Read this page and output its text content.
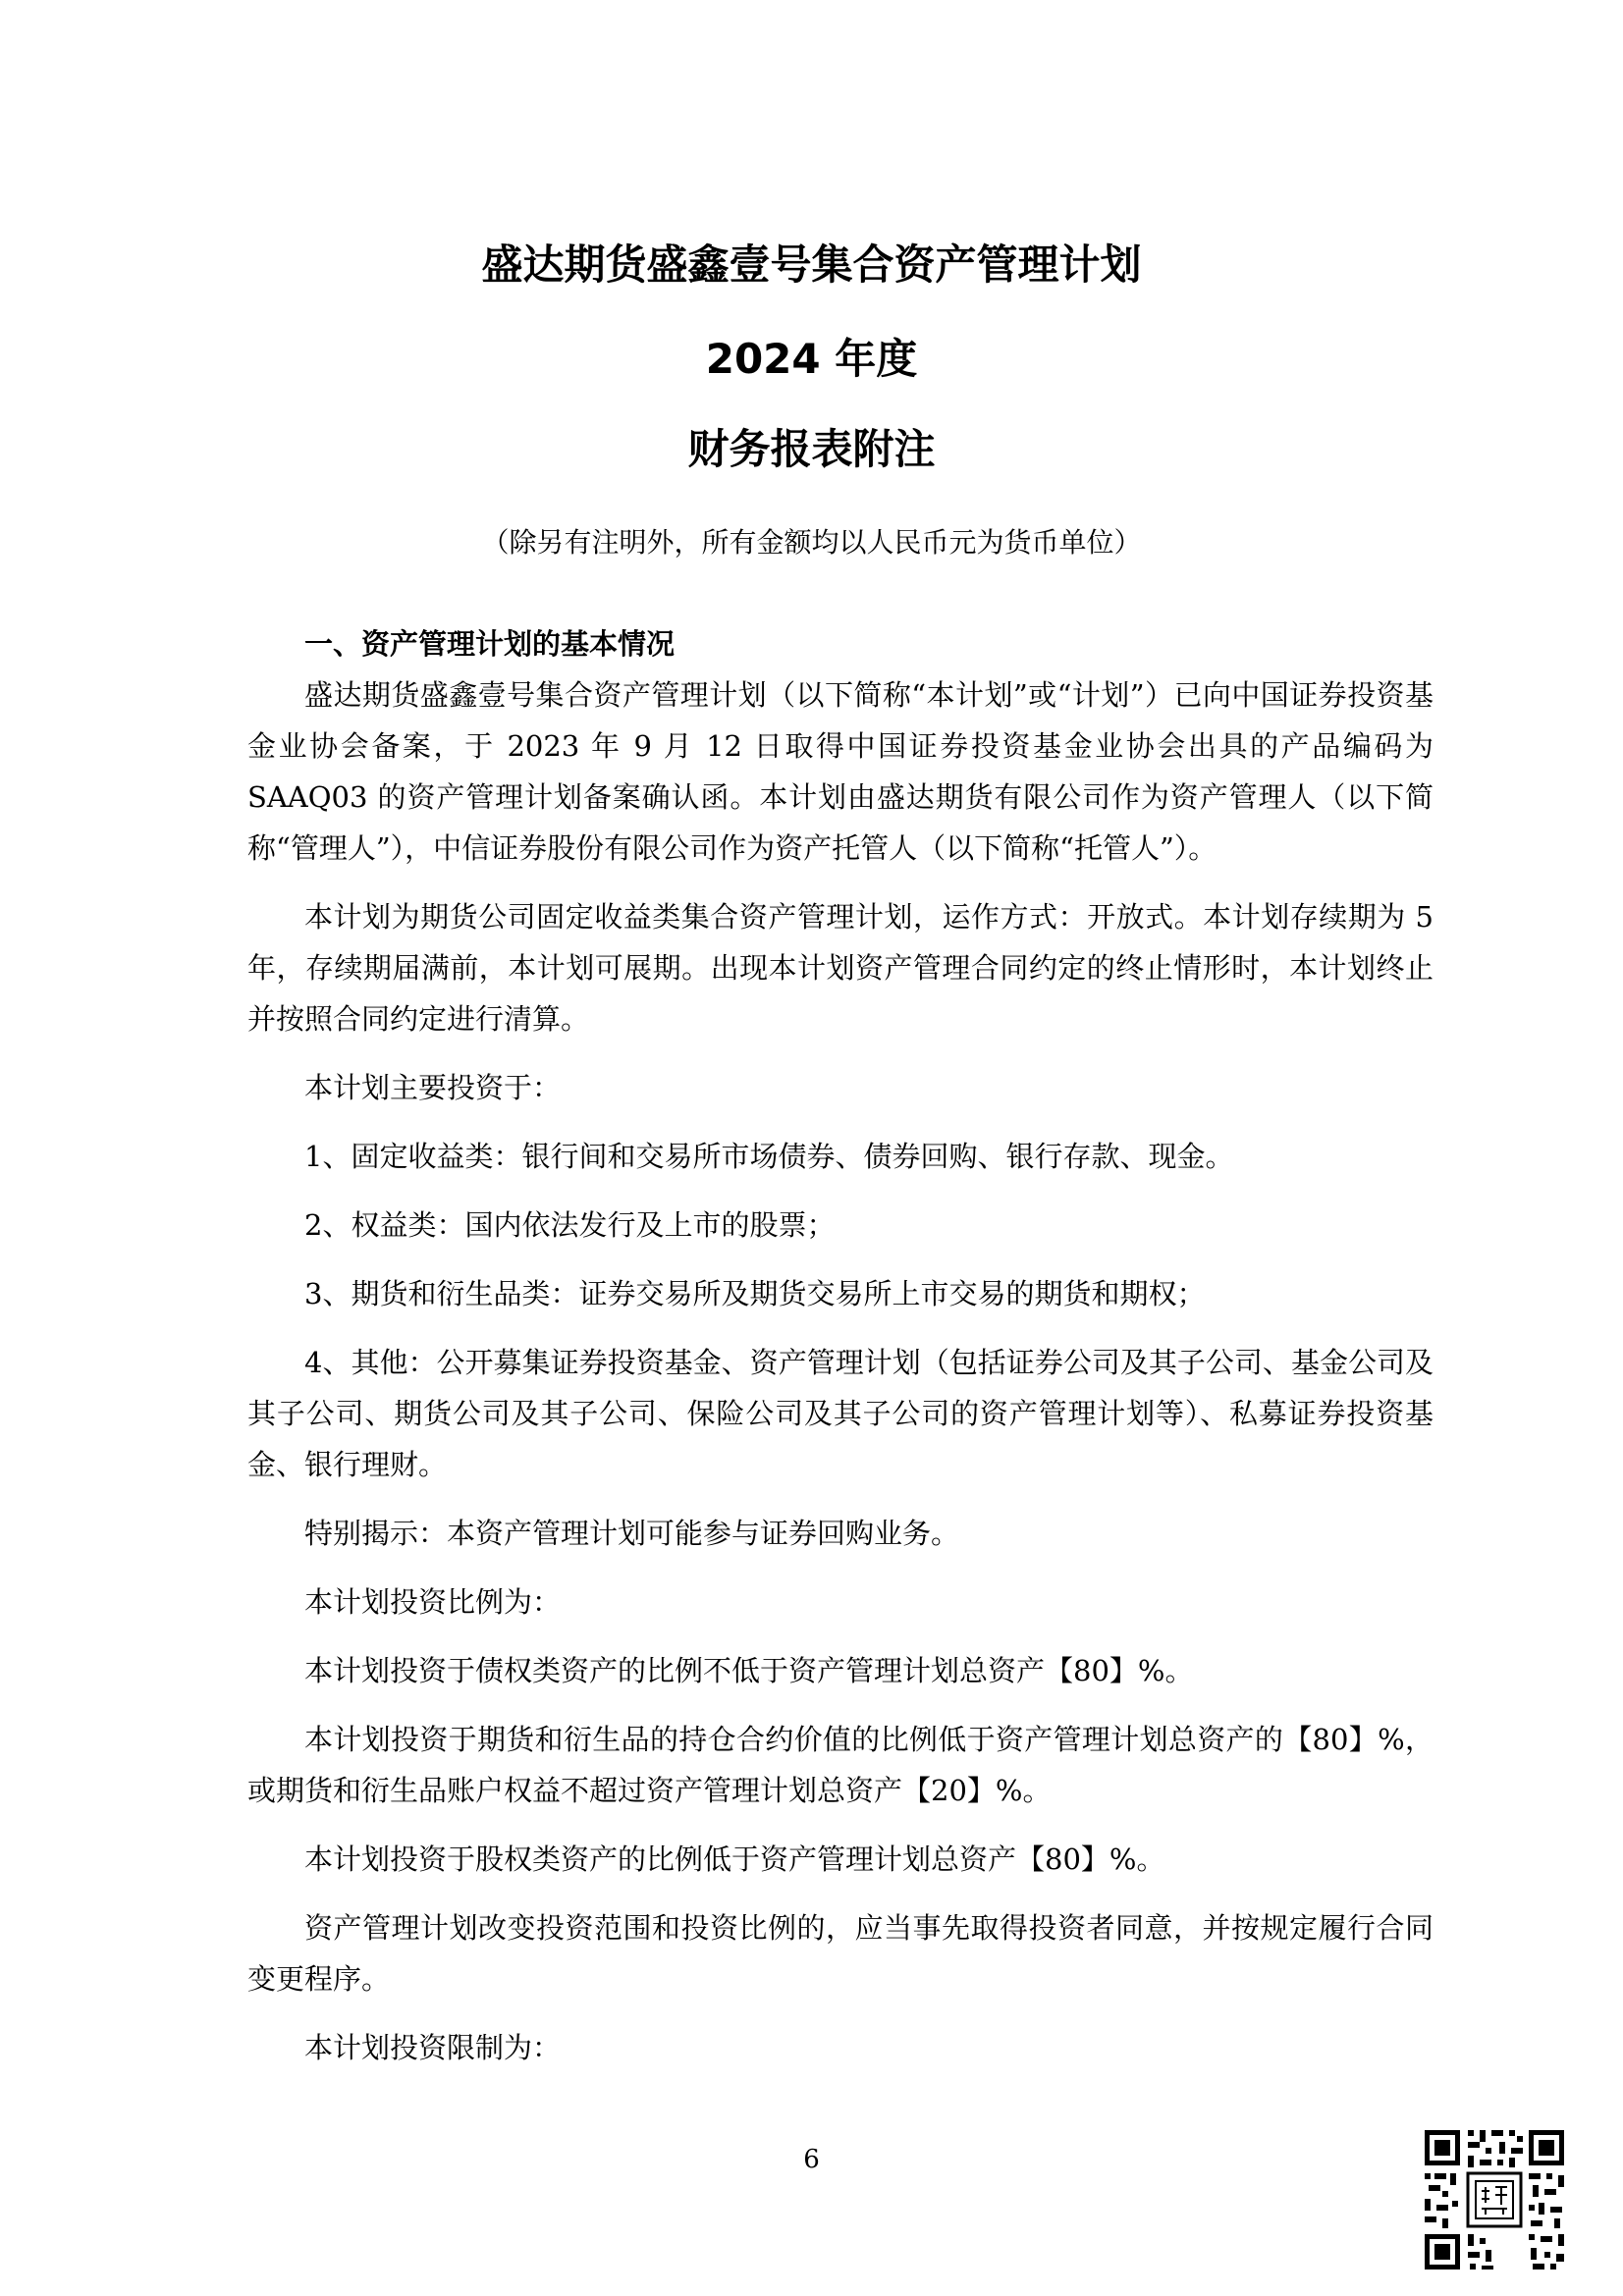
盛达期货盛鑫壹号集合资产管理计划
2024 年度
财务报表附注
（除另有注明外，所有金额均以人民币元为货币单位）

一、资产管理计划的基本情况

盛达期货盛鑫壹号集合资产管理计划（以下简称“本计划”或“计划”）已向中国证券投资基金业协会备案，于 2023 年 9 月 12 日取得中国证券投资基金业协会出具的产品编码为 SAAQ03 的资产管理计划备案确认函。本计划由盛达期货有限公司作为资产管理人（以下简称“管理人”），中信证券股份有限公司作为资产托管人（以下简称“托管人”）。

本计划为期货公司固定收益类集合资产管理计划，运作方式：开放式。本计划存续期为 5 年，存续期届满前，本计划可展期。出现本计划资产管理合同约定的终止情形时，本计划终止并按照合同约定进行清算。

本计划主要投资于：

1、固定收益类：银行间和交易所市场债券、债券回购、银行存款、现金。

2、权益类：国内依法发行及上市的股票；

3、期货和衍生品类：证券交易所及期货交易所上市交易的期货和期权；

4、其他：公开募集证券投资基金、资产管理计划（包括证券公司及其子公司、基金公司及其子公司、期货公司及其子公司、保险公司及其子公司的资产管理计划等）、私募证券投资基金、银行理财。

特别揭示：本资产管理计划可能参与证券回购业务。

本计划投资比例为：

本计划投资于债权类资产的比例不低于资产管理计划总资产【80】%。

本计划投资于期货和衍生品的持仓合约价值的比例低于资产管理计划总资产的【80】%，或期货和衍生品账户权益不超过资产管理计划总资产【20】%。

本计划投资于股权类资产的比例低于资产管理计划总资产【80】%。

资产管理计划改变投资范围和投资比例的，应当事先取得投资者同意，并按规定履行合同变更程序。

本计划投资限制为：

6
